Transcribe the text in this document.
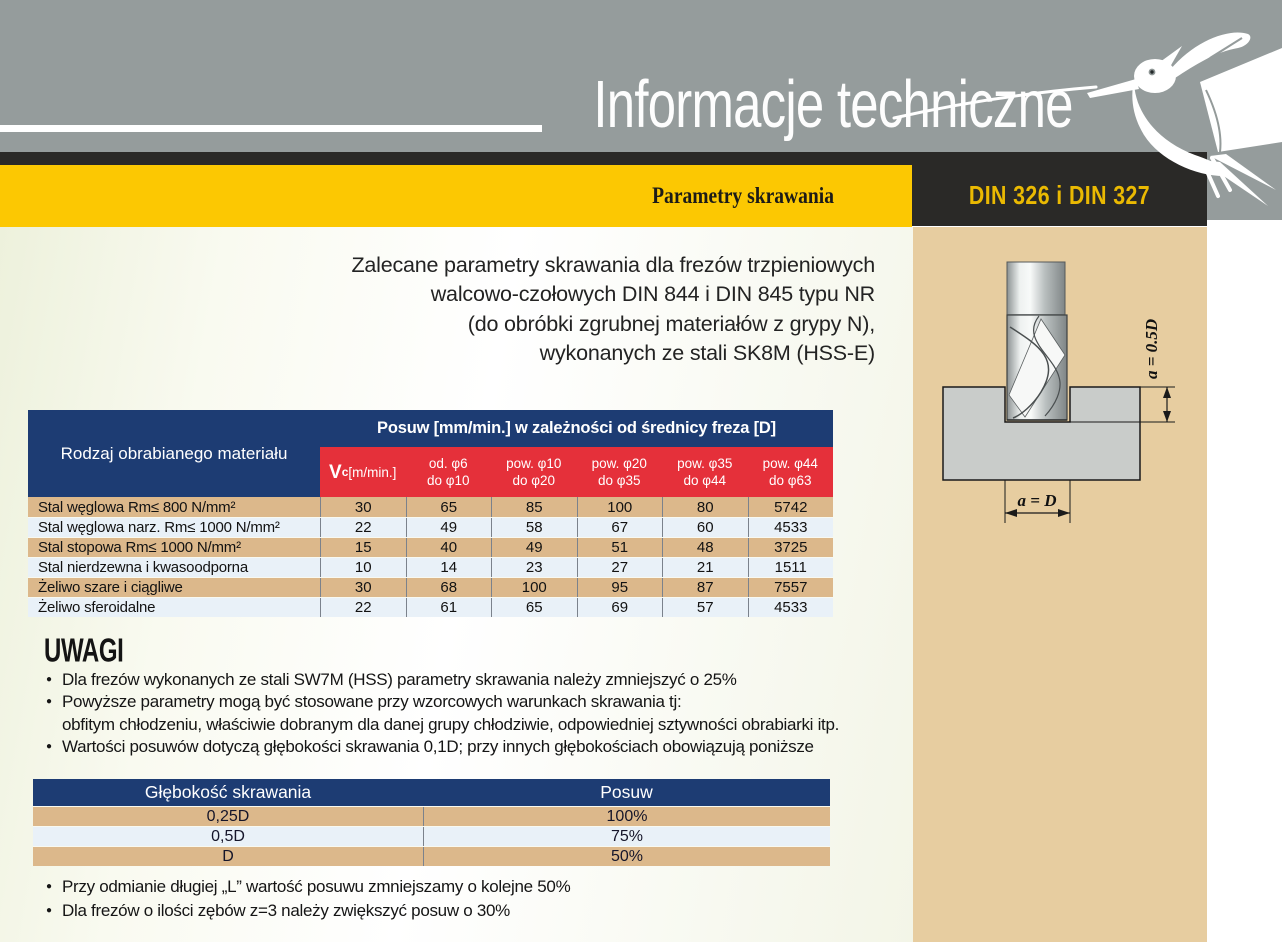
Informacje techniczne
Parametry skrawania	DIN 326 i DIN 327
Zalecane parametry skrawania dla frezów trzpieniowych
walcowo-czołowych DIN 844 i DIN 845 typu NR
(do obróbki zgrubnej materiałów z grypy N),
wykonanych ze stali SK8M (HSS-E)
Rodzaj obrabianego materiału
Posuw [mm/min.] w zależności od średnicy freza [D]
V c [m/min.]
od. φ6
do φ10
pow. φ10
do φ20
pow. φ20
do φ35
pow. φ35
do φ44
pow. φ44
do φ63
Stal węglowa Rm≤ 800 N/mm²	30	65	85	100	80	5742
Stal węglowa narz. Rm≤ 1000 N/mm²	22	49	58	67	60	4533
Stal stopowa Rm≤ 1000 N/mm²	15	40	49	51	48	3725
Stal nierdzewna i kwasoodporna	10	14	23	27	21	1511
Żeliwo szare i ciągliwe	30	68	100	95	87	7557
Żeliwo sferoidalne	22	61	65	69	57	4533
UWAGI
● Dla frezów wykonanych ze stali SW7M (HSS) parametry skrawania należy zmniejszyć o 25%
● Powyższe parametry mogą być stosowane przy wzorcowych warunkach skrawania tj:
obfitym chłodzeniu, właściwie dobranym dla danej grupy chłodziwie, odpowiedniej sztywności obrabiarki itp.
● Wartości posuwów dotyczą głębokości skrawania 0,1D; przy innych głębokościach obowiązują poniższe
Głębokość skrawania	Posuw
0,25D	100%
0,5D	75%
D	50%
● Przy odmianie długiej „L” wartość posuwu zmniejszamy o kolejne 50%
● Dla frezów o ilości zębów z=3 należy zwiększyć posuw o 30%
a = D
a = 0.5D
